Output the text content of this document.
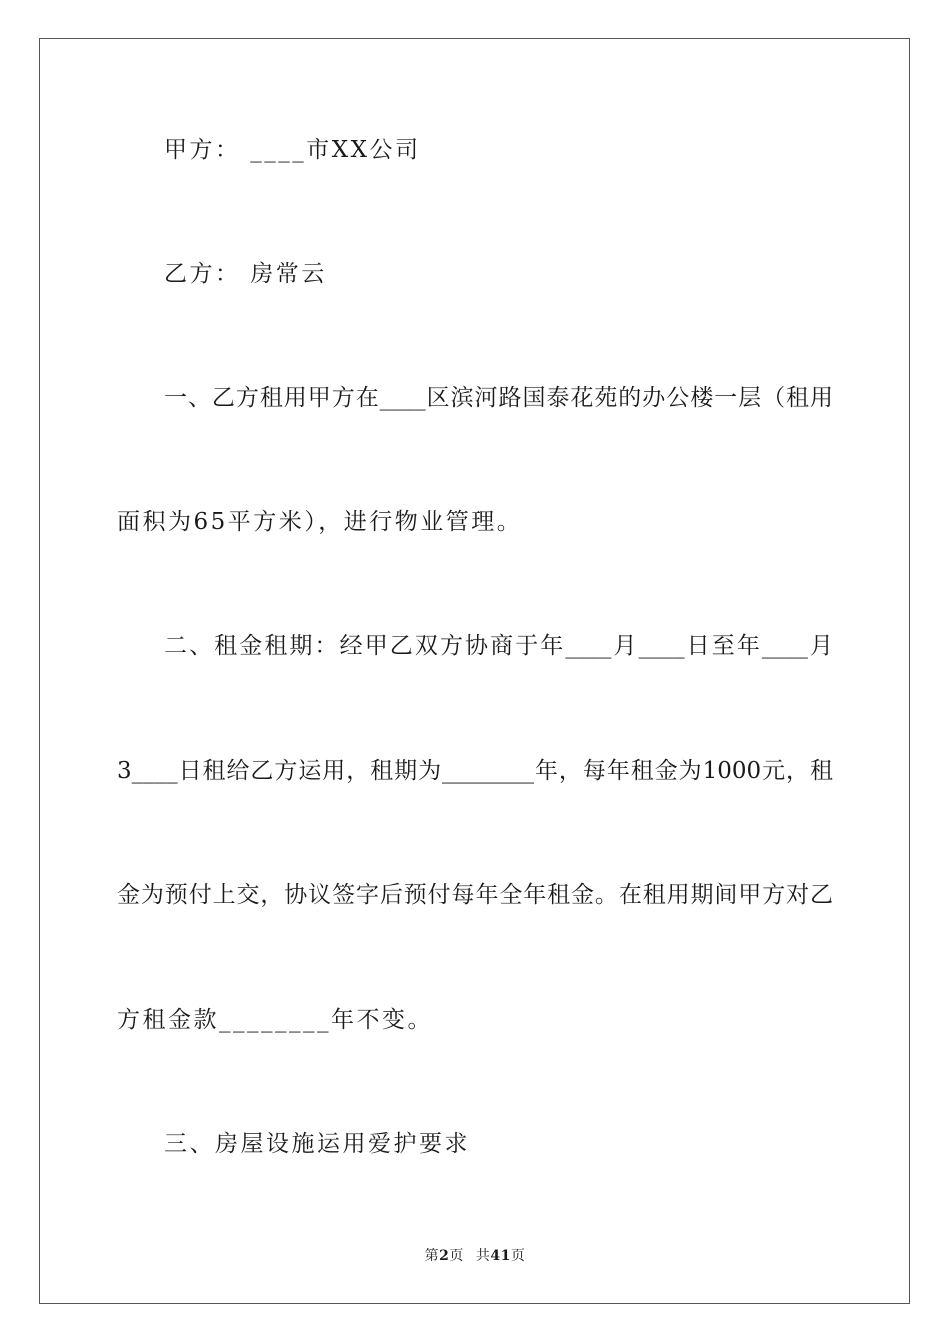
甲方： ____市XX公司
乙方： 房常云
一、乙方租用甲方在____区滨河路国泰花苑的办公楼一层（租用
面积为65平方米），进行物业管理。
二、租金租期：经甲乙双方协商于年____月____日至年____月
3____日租给乙方运用，租期为________年，每年租金为1000元，租
金为预付上交，协议签字后预付每年全年租金。在租用期间甲方对乙
方租金款________年不变。
三、房屋设施运用爱护要求
第2页 共41页
